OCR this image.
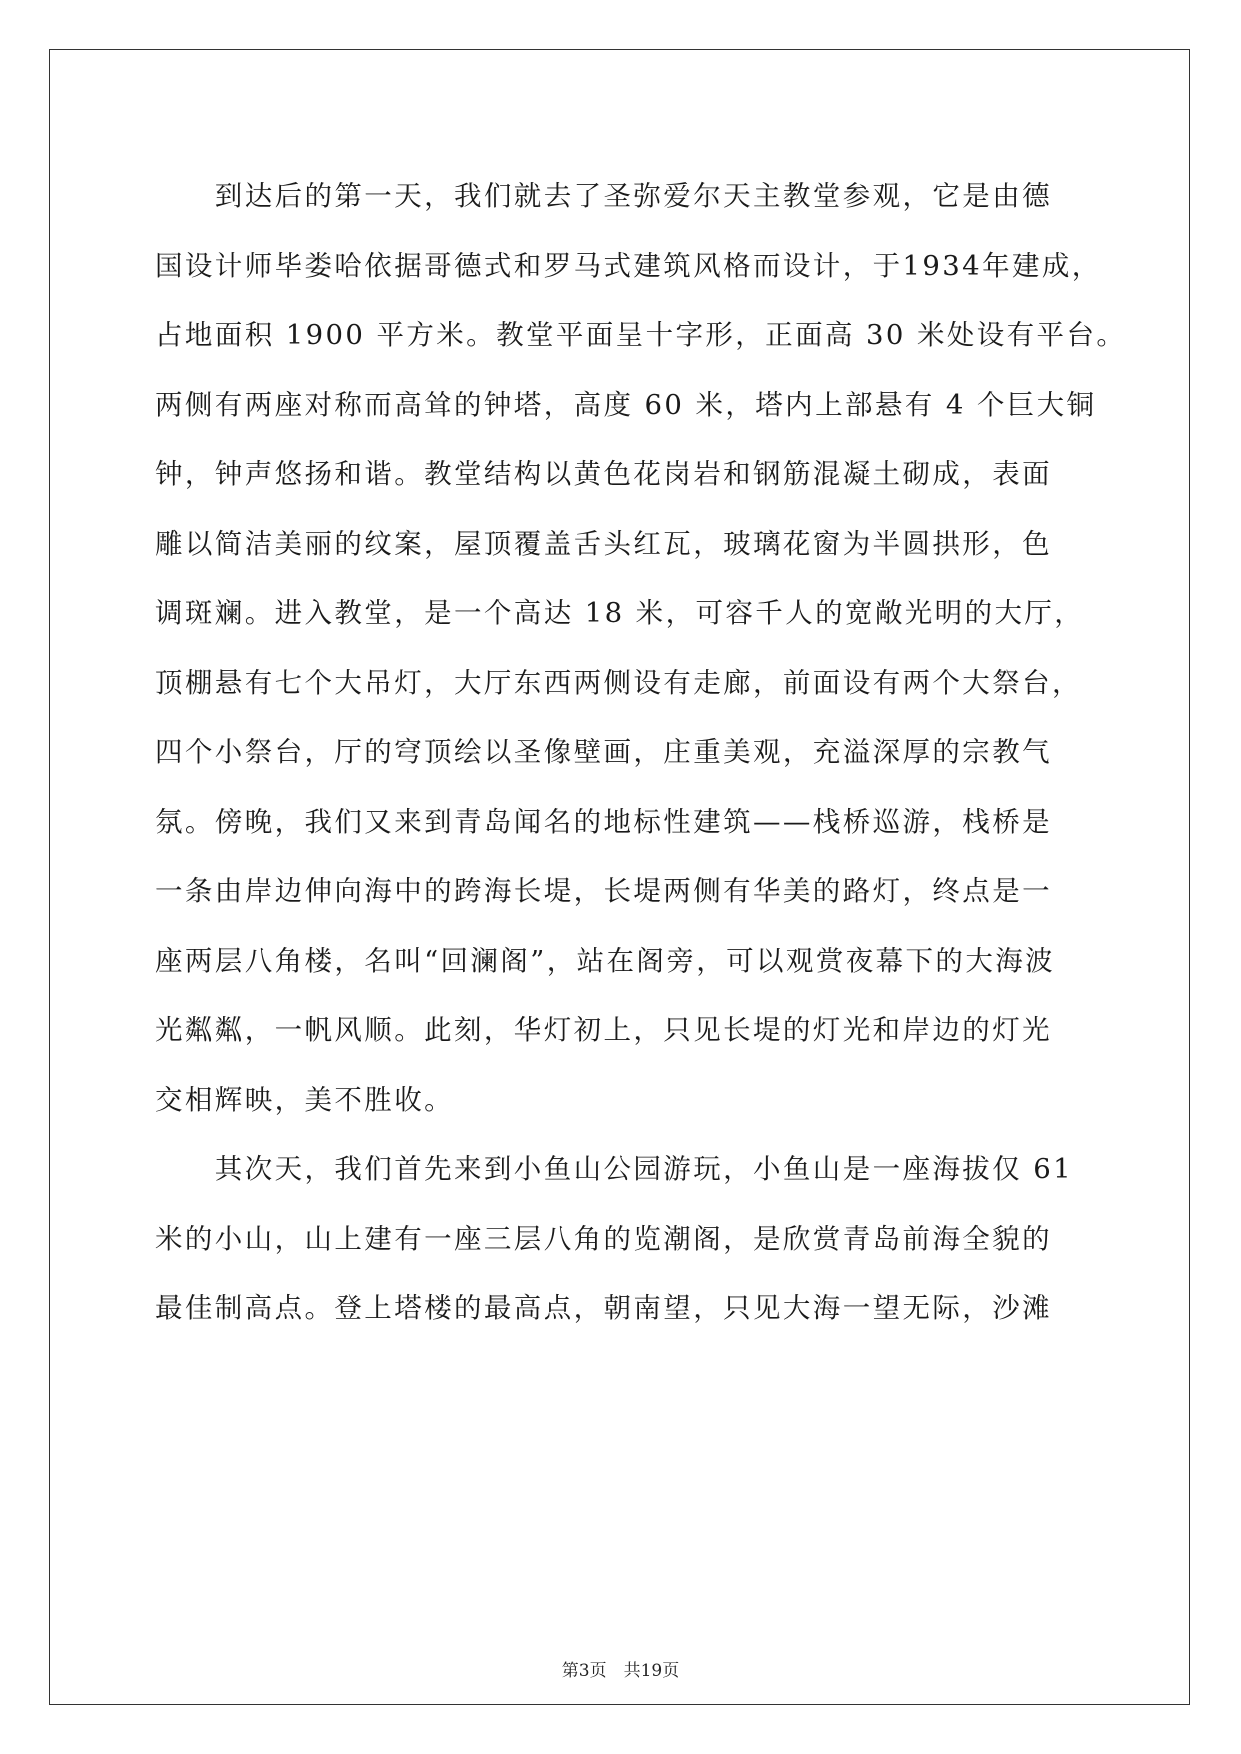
　　到达后的第一天，我们就去了圣弥爱尔天主教堂参观，它是由德
国设计师毕娄哈依据哥德式和罗马式建筑风格而设计，于1934年建成，
占地面积 1900 平方米。教堂平面呈十字形，正面高 30 米处设有平台。
两侧有两座对称而高耸的钟塔，高度 60 米，塔内上部悬有 4 个巨大铜
钟，钟声悠扬和谐。教堂结构以黄色花岗岩和钢筋混凝土砌成，表面
雕以简洁美丽的纹案，屋顶覆盖舌头红瓦，玻璃花窗为半圆拱形，色
调斑斓。进入教堂，是一个高达 18 米，可容千人的宽敞光明的大厅，
顶棚悬有七个大吊灯，大厅东西两侧设有走廊，前面设有两个大祭台，
四个小祭台，厅的穹顶绘以圣像壁画，庄重美观，充溢深厚的宗教气
氛。傍晚，我们又来到青岛闻名的地标性建筑——栈桥巡游，栈桥是
一条由岸边伸向海中的跨海长堤，长堤两侧有华美的路灯，终点是一
座两层八角楼，名叫“回澜阁”，站在阁旁，可以观赏夜幕下的大海波
光粼粼，一帆风顺。此刻，华灯初上，只见长堤的灯光和岸边的灯光
交相辉映，美不胜收。
　　其次天，我们首先来到小鱼山公园游玩，小鱼山是一座海拔仅 61
米的小山，山上建有一座三层八角的览潮阁，是欣赏青岛前海全貌的
最佳制高点。登上塔楼的最高点，朝南望，只见大海一望无际，沙滩
第3页　共19页
